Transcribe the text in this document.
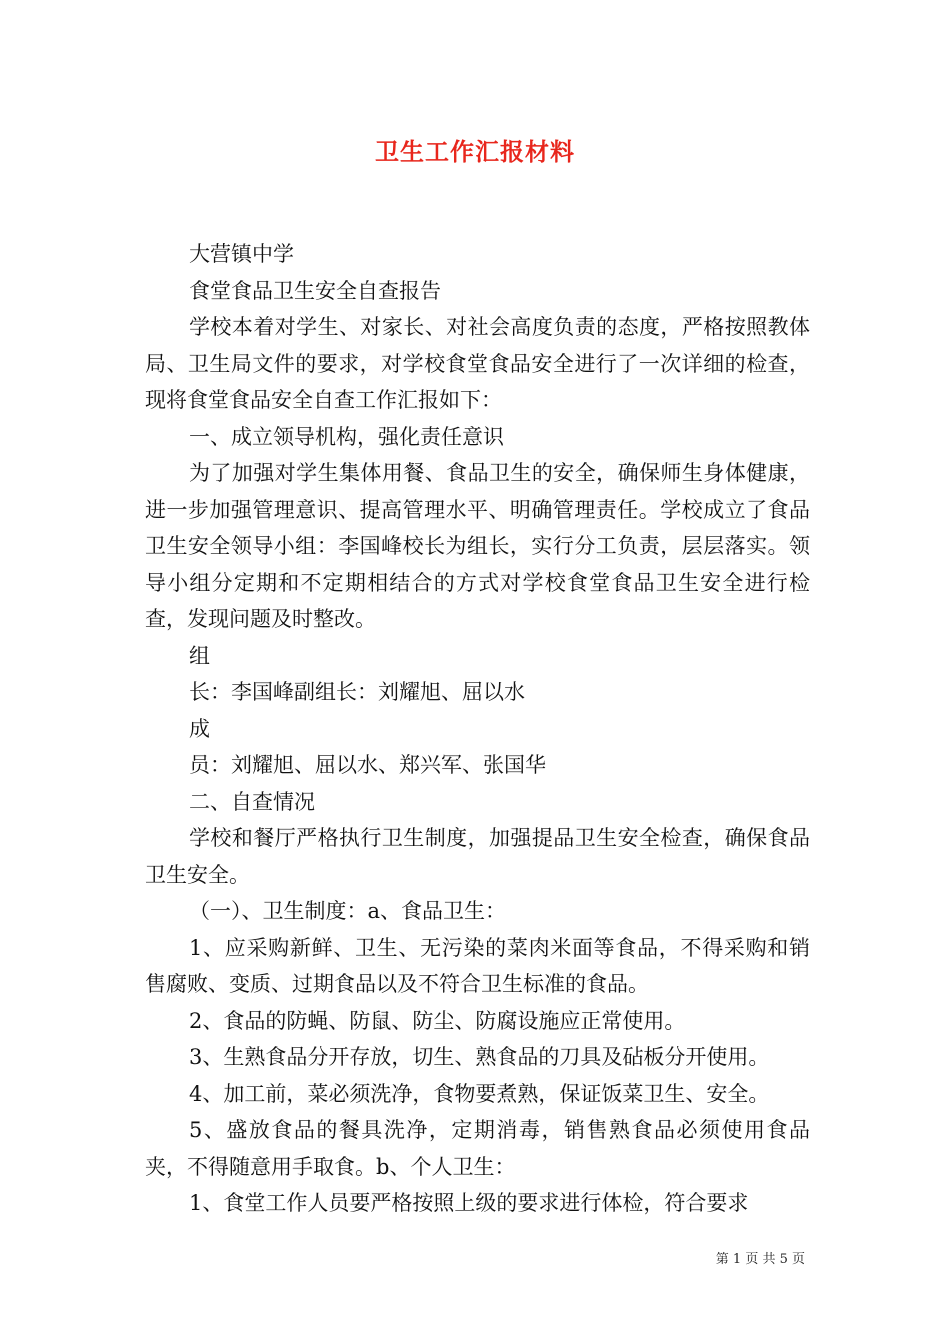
卫生工作汇报材料

大营镇中学

食堂食品卫生安全自查报告

学校本着对学生、对家长、对社会高度负责的态度，严格按照教体局、卫生局文件的要求，对学校食堂食品安全进行了一次详细的检查，现将食堂食品安全自查工作汇报如下：

一、成立领导机构，强化责任意识

为了加强对学生集体用餐、食品卫生的安全，确保师生身体健康，进一步加强管理意识、提高管理水平、明确管理责任。学校成立了食品卫生安全领导小组：李国峰校长为组长，实行分工负责，层层落实。领导小组分定期和不定期相结合的方式对学校食堂食品卫生安全进行检查，发现问题及时整改。

组

长：李国峰副组长：刘耀旭、屈以水

成

员：刘耀旭、屈以水、郑兴军、张国华

二、自查情况

学校和餐厅严格执行卫生制度，加强提品卫生安全检查，确保食品卫生安全。

（一）、卫生制度：a、食品卫生：

1、应采购新鲜、卫生、无污染的菜肉米面等食品，不得采购和销售腐败、变质、过期食品以及不符合卫生标准的食品。

2、食品的防蝇、防鼠、防尘、防腐设施应正常使用。

3、生熟食品分开存放，切生、熟食品的刀具及砧板分开使用。

4、加工前，菜必须洗净，食物要煮熟，保证饭菜卫生、安全。

5、盛放食品的餐具洗净，定期消毒，销售熟食品必须使用食品夹，不得随意用手取食。b、个人卫生：

1、食堂工作人员要严格按照上级的要求进行体检，符合要求

第 1 页 共 5 页
